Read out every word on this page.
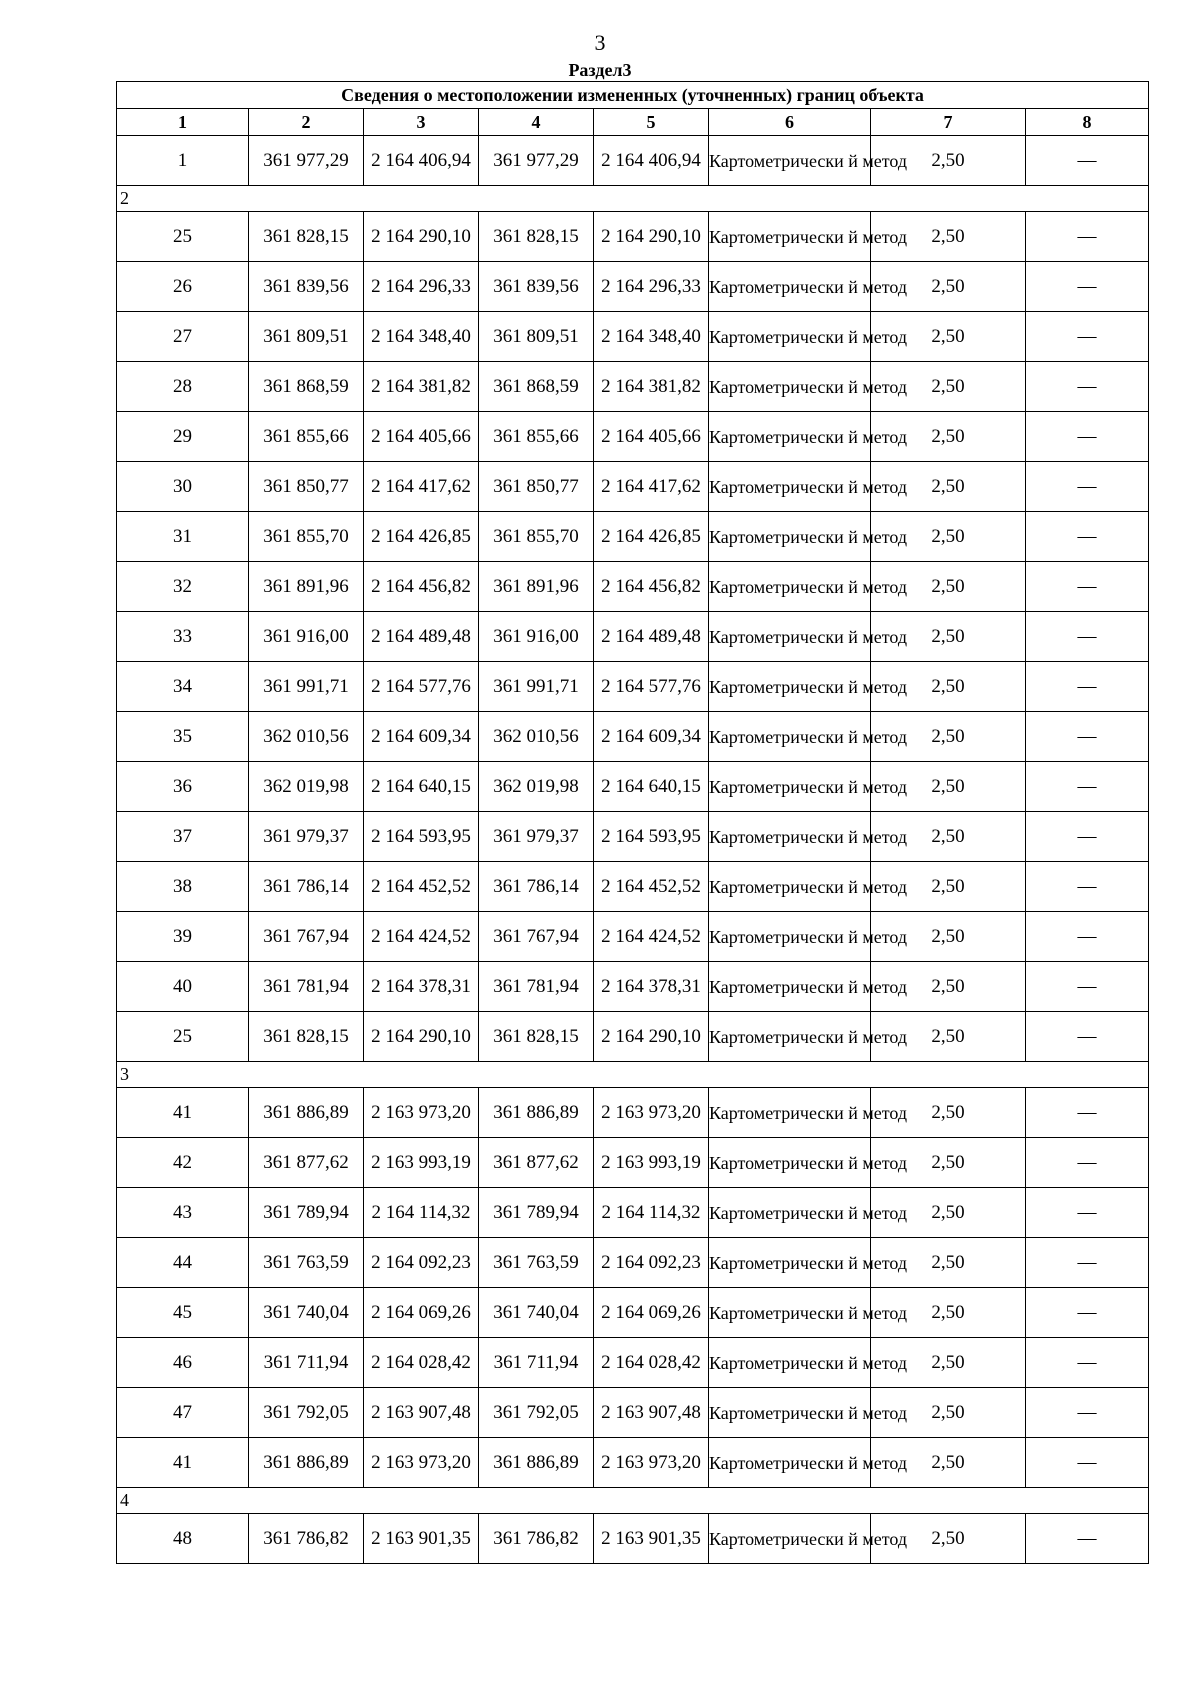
3
Раздел3
Сведения о местоположении измененных (уточненных) границ объекта							
1	2	3	4	5	6	7	8
1	361 977,29	2 164 406,94	361 977,29	2 164 406,94	Картометрически й метод	2,50	—
2							
25	361 828,15	2 164 290,10	361 828,15	2 164 290,10	Картометрически й метод	2,50	—
26	361 839,56	2 164 296,33	361 839,56	2 164 296,33	Картометрически й метод	2,50	—
27	361 809,51	2 164 348,40	361 809,51	2 164 348,40	Картометрически й метод	2,50	—
28	361 868,59	2 164 381,82	361 868,59	2 164 381,82	Картометрически й метод	2,50	—
29	361 855,66	2 164 405,66	361 855,66	2 164 405,66	Картометрически й метод	2,50	—
30	361 850,77	2 164 417,62	361 850,77	2 164 417,62	Картометрически й метод	2,50	—
31	361 855,70	2 164 426,85	361 855,70	2 164 426,85	Картометрически й метод	2,50	—
32	361 891,96	2 164 456,82	361 891,96	2 164 456,82	Картометрически й метод	2,50	—
33	361 916,00	2 164 489,48	361 916,00	2 164 489,48	Картометрически й метод	2,50	—
34	361 991,71	2 164 577,76	361 991,71	2 164 577,76	Картометрически й метод	2,50	—
35	362 010,56	2 164 609,34	362 010,56	2 164 609,34	Картометрически й метод	2,50	—
36	362 019,98	2 164 640,15	362 019,98	2 164 640,15	Картометрически й метод	2,50	—
37	361 979,37	2 164 593,95	361 979,37	2 164 593,95	Картометрически й метод	2,50	—
38	361 786,14	2 164 452,52	361 786,14	2 164 452,52	Картометрически й метод	2,50	—
39	361 767,94	2 164 424,52	361 767,94	2 164 424,52	Картометрически й метод	2,50	—
40	361 781,94	2 164 378,31	361 781,94	2 164 378,31	Картометрически й метод	2,50	—
25	361 828,15	2 164 290,10	361 828,15	2 164 290,10	Картометрически й метод	2,50	—
3							
41	361 886,89	2 163 973,20	361 886,89	2 163 973,20	Картометрически й метод	2,50	—
42	361 877,62	2 163 993,19	361 877,62	2 163 993,19	Картометрически й метод	2,50	—
43	361 789,94	2 164 114,32	361 789,94	2 164 114,32	Картометрически й метод	2,50	—
44	361 763,59	2 164 092,23	361 763,59	2 164 092,23	Картометрически й метод	2,50	—
45	361 740,04	2 164 069,26	361 740,04	2 164 069,26	Картометрически й метод	2,50	—
46	361 711,94	2 164 028,42	361 711,94	2 164 028,42	Картометрически й метод	2,50	—
47	361 792,05	2 163 907,48	361 792,05	2 163 907,48	Картометрически й метод	2,50	—
41	361 886,89	2 163 973,20	361 886,89	2 163 973,20	Картометрически й метод	2,50	—
4							
48	361 786,82	2 163 901,35	361 786,82	2 163 901,35	Картометрически й метод	2,50	—
